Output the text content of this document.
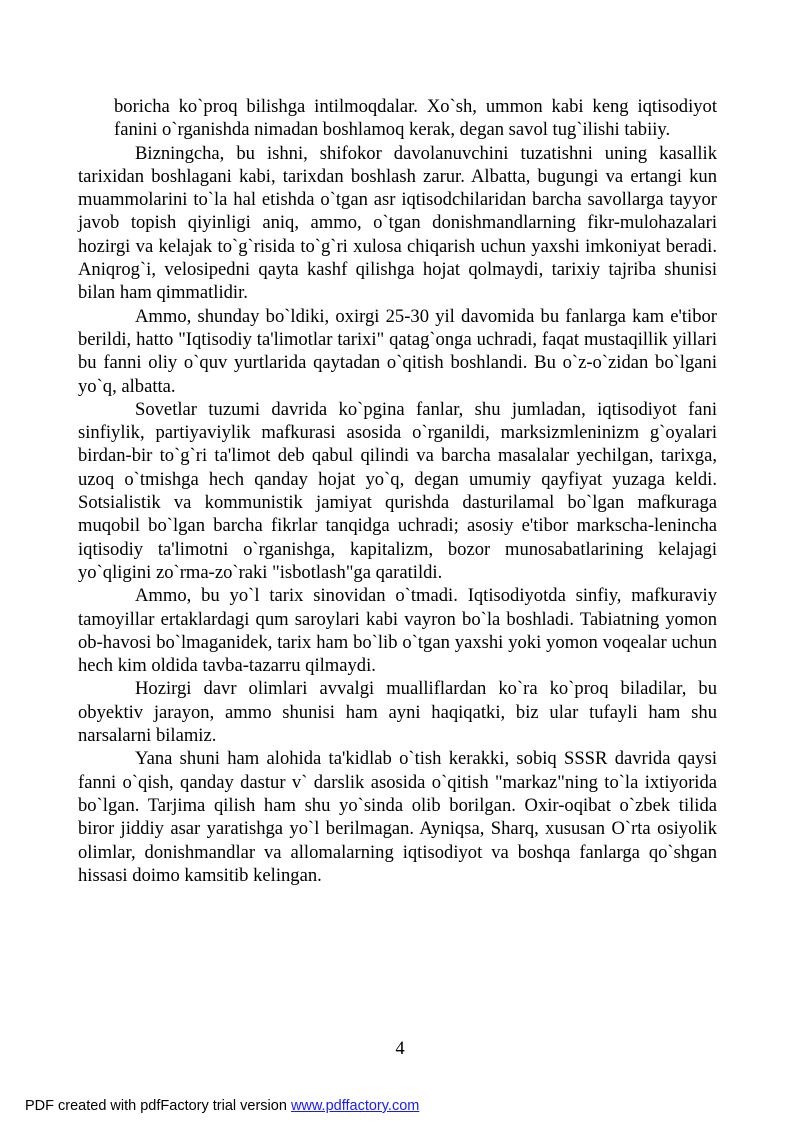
boricha ko`proq bilishga intilmoqdalar. Xo`sh, ummon kabi keng iqtisodiyot fanini o`rganishda nimadan boshlamoq kerak, degan savol tug`ilishi tabiiy.

Bizningcha, bu ishni, shifokor davolanuvchini tuzatishni uning kasallik tarixidan boshlagani kabi, tarixdan boshlash zarur. Albatta, bugungi va ertangi kun muammolarini to`la hal etishda o`tgan asr iqtisodchilaridan barcha savollarga tayyor javob topish qiyinligi aniq, ammo, o`tgan donishmandlarning fikr-mulohazalari hozirgi va kelajak to`g`risida to`g`ri xulosa chiqarish uchun yaxshi imkoniyat beradi. Aniqrog`i, velosipedni qayta kashf qilishga hojat qolmaydi, tarixiy tajriba shunisi bilan ham qimmatlidir.

Ammo, shunday bo`ldiki, oxirgi 25-30 yil davomida bu fanlarga kam e'tibor berildi, hatto "Iqtisodiy ta'limotlar tarixi" qatag`onga uchradi, faqat mustaqillik yillari bu fanni oliy o`quv yurtlarida qaytadan o`qitish boshlandi. Bu o`z-o`zidan bo`lgani yo`q, albatta.

Sovetlar tuzumi davrida ko`pgina fanlar, shu jumladan, iqtisodiyot fani sinfiylik, partiyaviylik mafkurasi asosida o`rganildi, marksizmleninizm g`oyalari birdan-bir to`g`ri ta'limot deb qabul qilindi va barcha masalalar yechilgan, tarixga, uzoq o`tmishga hech qanday hojat yo`q, degan umumiy qayfiyat yuzaga keldi. Sotsialistik va kommunistik jamiyat qurishda dasturilamal bo`lgan mafkuraga muqobil bo`lgan barcha fikrlar tanqidga uchradi; asosiy e'tibor markscha-lenincha iqtisodiy ta'limotni o`rganishga, kapitalizm, bozor munosabatlarining kelajagi yo`qligini zo`rma-zo`raki "isbotlash"ga qaratildi.

Ammo, bu yo`l tarix sinovidan o`tmadi. Iqtisodiyotda sinfiy, mafkuraviy tamoyillar ertaklardagi qum saroylari kabi vayron bo`la boshladi. Tabiatning yomon ob-havosi bo`lmaganidek, tarix ham bo`lib o`tgan yaxshi yoki yomon voqealar uchun hech kim oldida tavba-tazarru qilmaydi.

Hozirgi davr olimlari avvalgi mualliflardan ko`ra ko`proq biladilar, bu obyektiv jarayon, ammo shunisi ham ayni haqiqatki, biz ular tufayli ham shu narsalarni bilamiz.

Yana shuni ham alohida ta'kidlab o`tish kerakki, sobiq SSSR davrida qaysi fanni o`qish, qanday dastur v` darslik asosida o`qitish "markaz"ning to`la ixtiyorida bo`lgan. Tarjima qilish ham shu yo`sinda olib borilgan. Oxir-oqibat o`zbek tilida biror jiddiy asar yaratishga yo`l berilmagan. Ayniqsa, Sharq, xususan O`rta osiyolik olimlar, donishmandlar va allomalarning iqtisodiyot va boshqa fanlarga qo`shgan hissasi doimo kamsitib kelingan.

4
PDF created with pdfFactory trial version www.pdffactory.com
